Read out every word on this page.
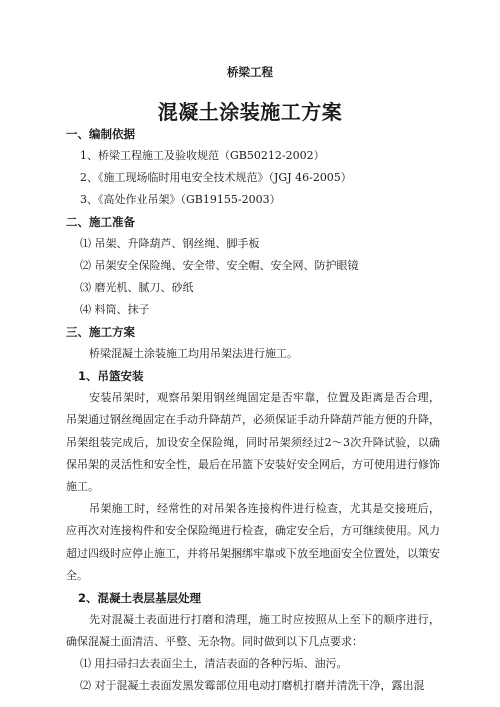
桥梁工程
混凝土涂装施工方案
一、编制依据
1、桥梁工程施工及验收规范（GB50212-2002）
2、《施工现场临时用电安全技术规范》（JGJ 46-2005）
3、《高处作业吊架》（GB19155-2003）
二、施工准备
⑴ 吊架、升降葫芦、钢丝绳、脚手板
⑵ 吊架安全保险绳、安全带、安全帽、安全网、防护眼镜
⑶ 磨光机、腻刀、砂纸
⑷ 料筒、抹子
三、施工方案

桥梁混凝土涂装施工均用吊架法进行施工。

1、吊篮安装

安装吊架时，观察吊架用钢丝绳固定是否牢靠，位置及距离是否合理，吊架通过钢丝绳固定在手动升降葫芦，必须保证手动升降葫芦能方便的升降，吊架组装完成后，加设安全保险绳，同时吊架须经过2～3次升降试验，以确保吊架的灵活性和安全性，最后在吊篮下安装好安全网后，方可使用进行修饰施工。

吊架施工时，经常性的对吊架各连接构件进行检查，尤其是交接班后，应再次对连接构件和安全保险绳进行检查，确定安全后，方可继续使用。风力超过四级时应停止施工，并将吊架捆绑牢靠或下放至地面安全位置处，以策安全。

2、混凝土表层基层处理

先对混凝土表面进行打磨和清理，施工时应按照从上至下的顺序进行，确保混凝土面清洁、平整、无杂物。同时做到以下几点要求：

⑴ 用扫帚扫去表面尘土，清洁表面的各种污垢、油污。
⑵ 对于混凝土表面发黑发霉部位用电动打磨机打磨并清洗干净，露出混
